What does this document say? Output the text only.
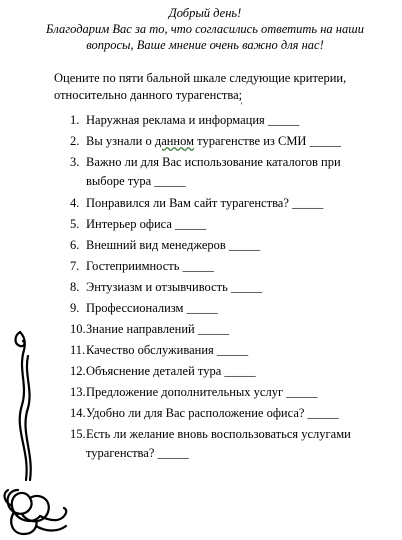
Добрый день!
Благодарим Вас за то, что согласились ответить на наши
вопросы, Ваше мнение очень важно для нас!
Оцените по пяти бальной шкале следующие критерии,
относительно данного турагенства;
1. Наружная реклама и информация _____
2. Вы узнали о данном турагенстве из СМИ _____
3. Важно ли для Вас использование каталогов при
выборе тура _____
4. Понравился ли Вам сайт турагенства? _____
5. Интерьер офиса _____
6. Внешний вид менеджеров _____
7. Гостеприимность _____
8. Энтузиазм и отзывчивость _____
9. Профессионализм _____
10. Знание направлений _____
11. Качество обслуживания _____
12. Объяснение деталей тура _____
13. Предложение дополнительных услуг _____
14. Удобно ли для Вас расположение офиса? _____
15. Есть ли желание вновь воспользоваться услугами
турагенства? _____
